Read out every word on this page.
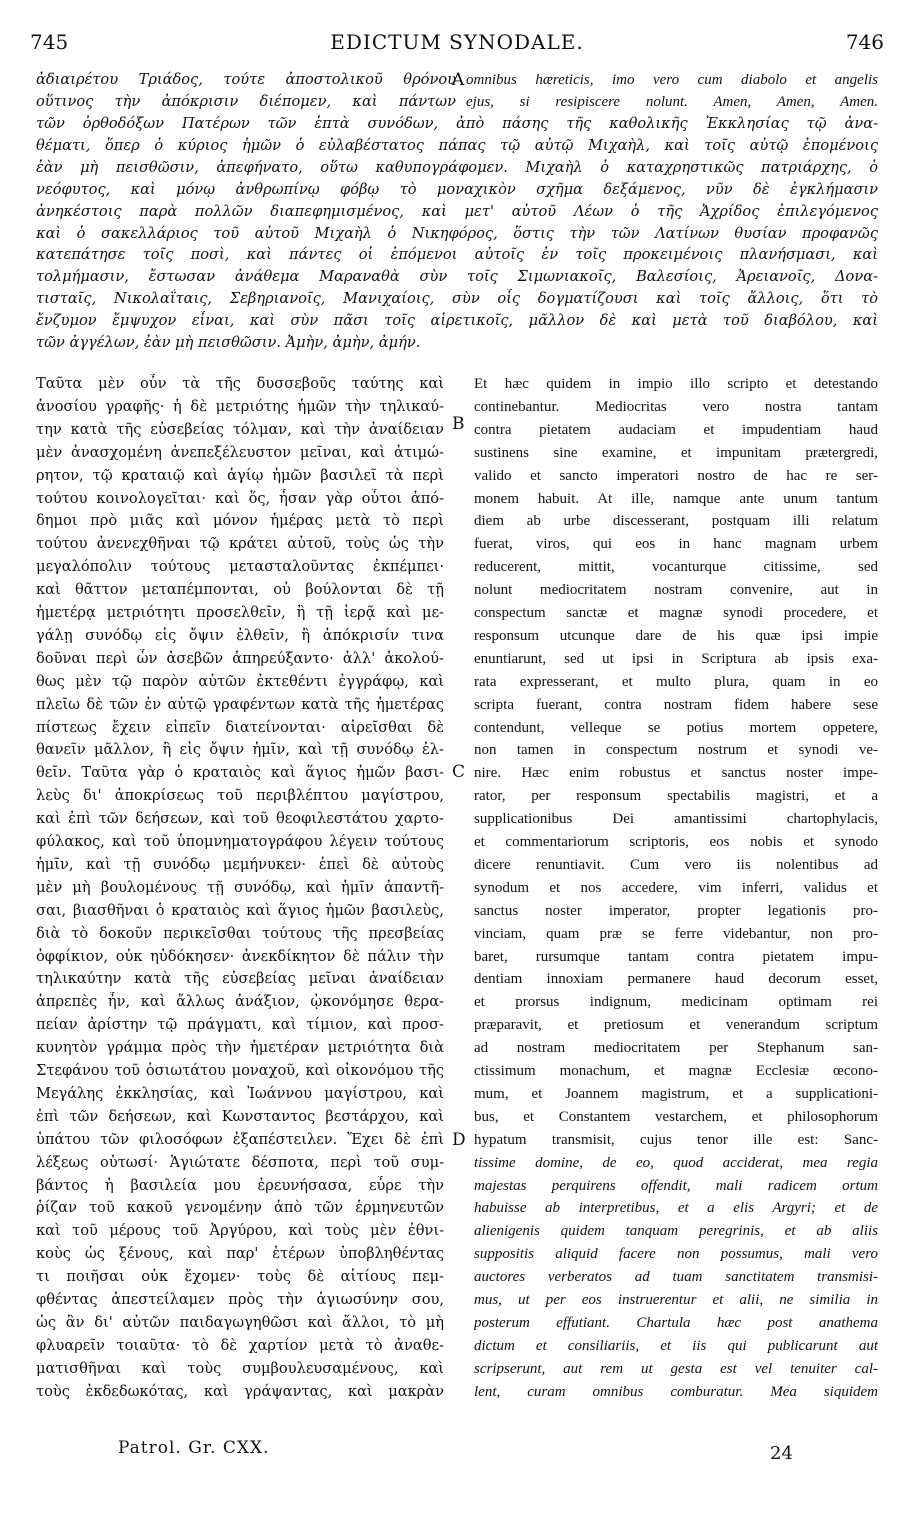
745	EDICTUM SYNODALE.	746
ἀδιαιρέτου Τριάδος, τούτε ἀποστολικοῦ θρόνου omnibus hæreticis, imo vero cum diabolo et angelis
οὕτινος τὴν ἀπόκρισιν διέπομεν, καὶ πάντων ejus, si resipiscere nolunt. Amen, Amen, Amen.
τῶν ὀρθοδόξων Πατέρων τῶν ἑπτὰ συνόδων, ἀπὸ πάσης τῆς καθολικῆς Ἐκκλησίας τῷ ἀνα-
θέματι, ὅπερ ὁ κύριος ἡμῶν ὁ εὐλαβέστατος πάπας τῷ αὐτῷ Μιχαὴλ, καὶ τοῖς αὐτῷ ἑπομένοις
ἐὰν μὴ πεισθῶσιν, ἀπεφήνατο, οὕτω καθυπογράφομεν. Μιχαὴλ ὁ καταχρηστικῶς πατριάρχης, ὁ
νεόφυτος, καὶ μόνῳ ἀνθρωπίνῳ φόβῳ τὸ μοναχικὸν σχῆμα δεξάμενος, νῦν δὲ ἐγκλήμασιν
ἀνηκέστοις παρὰ πολλῶν διαπεφημισμένος, καὶ μετ' αὐτοῦ Λέων ὁ τῆς Ἀχρίδος ἐπιλεγόμενος
καὶ ὁ σακελλάριος τοῦ αὐτοῦ Μιχαὴλ ὁ Νικηφόρος, ὅστις τὴν τῶν Λατίνων θυσίαν προφανῶς
κατεπάτησε τοῖς ποσὶ, καὶ πάντες οἱ ἑπόμενοι αὐτοῖς ἐν τοῖς προκειμένοις πλανήσμασι, καὶ
τολμήμασιν, ἔστωσαν ἀνάθεμα Μαραναθὰ σὺν τοῖς Σιμωνιακοῖς, Βαλεσίοις, Ἀρειανοῖς, Δονα-
τισταῖς, Νικολαΐταις, Σεβηριανοῖς, Μανιχαίοις, σὺν οἷς δογματίζουσι καὶ τοῖς ἄλλοις, ὅτι τὸ
ἔνζυμον ἔμψυχον εἶναι, καὶ σὺν πᾶσι τοῖς αἱρετικοῖς, μᾶλλον δὲ καὶ μετὰ τοῦ διαβόλου, καὶ
τῶν ἀγγέλων, ἐὰν μὴ πεισθῶσιν. Ἀμὴν, ἀμὴν, ἀμήν.
Ταῦτα μὲν οὖν τὰ τῆς δυσσεβοῦς ταύτης καὶ
ἀνοσίου γραφῆς· ἡ δὲ μετριότης ἡμῶν τὴν τηλικαύ-
την κατὰ τῆς εὐσεβείας τόλμαν, καὶ τὴν ἀναίδειαν
μὲν ἀνασχομένη ἀνεπεξέλευστον μεῖναι, καὶ ἀτιμώ-
ρητον, τῷ κραταιῷ καὶ ἁγίῳ ἡμῶν βασιλεῖ τὰ περὶ
τούτου κοινολογεῖται· καὶ ὅς, ἦσαν γὰρ οὗτοι ἀπό-
δημοι πρὸ μιᾶς καὶ μόνον ἡμέρας μετὰ τὸ περὶ
τούτου ἀνενεχθῆναι τῷ κράτει αὐτοῦ, τοὺς ὡς τὴν
μεγαλόπολιν τούτους μετασταλοῦντας ἐκπέμπει·
καὶ θᾶττον μεταπέμπονται, οὐ βούλονται δὲ τῇ
ἡμετέρᾳ μετριότητι προσελθεῖν, ἢ τῇ ἱερᾷ καὶ με-
γάλῃ συνόδῳ εἰς ὄψιν ἐλθεῖν, ἢ ἀπόκρισίν τινα
δοῦναι περὶ ὧν ἀσεβῶν ἀπηρεύξαντο· ἀλλ' ἀκολού-
θως μὲν τῷ παρὸν αὐτῶν ἐκτεθέντι ἐγγράφῳ, καὶ
πλεῖω δὲ τῶν ἐν αὐτῷ γραφέντων κατὰ τῆς ἡμετέρας
πίστεως ἔχειν εἰπεῖν διατείνονται· αἱρεῖσθαι δὲ
θανεῖν μᾶλλον, ἢ εἰς ὄψιν ἡμῖν, καὶ τῇ συνόδῳ ἐλ-
θεῖν. Ταῦτα γὰρ ὁ κραταιὸς καὶ ἅγιος ἡμῶν βασι-
λεὺς δι' ἀποκρίσεως τοῦ περιβλέπτου μαγίστρου,
καὶ ἐπὶ τῶν δεήσεων, καὶ τοῦ θεοφιλεστάτου χαρτο-
φύλακος, καὶ τοῦ ὑπομνηματογράφου λέγειν τούτους
ἡμῖν, καὶ τῇ συνόδῳ μεμήνυκεν· ἐπεὶ δὲ αὐτοὺς
μὲν μὴ βουλομένους τῇ συνόδῳ, καὶ ἡμῖν ἀπαντῆ-
σαι, βιασθῆναι ὁ κραταιὸς καὶ ἅγιος ἡμῶν βασιλεὺς,
διὰ τὸ δοκοῦν περικεῖσθαι τούτους τῆς πρεσβείας
ὀφφίκιον, οὐκ ηὐδόκησεν· ἀνεκδίκητον δὲ πάλιν τὴν
τηλικαύτην κατὰ τῆς εὐσεβείας μεῖναι ἀναίδειαν
ἀπρεπὲς ἦν, καὶ ἄλλως ἀνάξιον, ᾠκονόμησε θερα-
πείαν ἀρίστην τῷ πράγματι, καὶ τίμιον, καὶ προσ-
κυνητὸν γράμμα πρὸς τὴν ἡμετέραν μετριότητα διὰ
Στεφάνου τοῦ ὁσιωτάτου μοναχοῦ, καὶ οἰκονόμου τῆς
Μεγάλης ἐκκλησίας, καὶ Ἰωάννου μαγίστρου, καὶ
ἐπὶ τῶν δεήσεων, καὶ Κωνσταντος βεστάρχου, καὶ
ὑπάτου τῶν φιλοσόφων ἐξαπέστειλεν. Ἔχει δὲ ἐπὶ
λέξεως οὑτωσί· Ἁγιώτατε δέσποτα, περὶ τοῦ συμ-
βάντος ἡ βασιλεία μου ἐρευνήσασα, εὗρε τὴν
ῥίζαν τοῦ κακοῦ γενομένην ἀπὸ τῶν ἑρμηνευτῶν
καὶ τοῦ μέρους τοῦ Ἀργύρου, καὶ τοὺς μὲν ἐθνι-
κοὺς ὡς ξένους, καὶ παρ' ἑτέρων ὑποβληθέντας
τι ποιῆσαι οὐκ ἔχομεν· τοὺς δὲ αἰτίους πεμ-
φθέντας ἀπεστείλαμεν πρὸς τὴν ἁγιωσύνην σου,
ὡς ἂν δι' αὐτῶν παιδαγωγηθῶσι καὶ ἄλλοι, τὸ μὴ
φλυαρεῖν τοιαῦτα· τὸ δὲ χαρτίον μετὰ τὸ ἀναθε-
ματισθῆναι καὶ τοὺς συμβουλευσαμένους, καὶ
τοὺς ἐκδεδωκότας, καὶ γράψαντας, καὶ μακρὰν
Et hæc quidem in impio illo scripto et detestando
continebantur. Mediocritas vero nostra tantam
contra pietatem audaciam et impudentiam haud
sustinens sine examine, et impunitam prætergredi,
valido et sancto imperatori nostro de hac re ser-
monem habuit. At ille, namque ante unum tantum
diem ab urbe discesserant, postquam illi relatum
fuerat, viros, qui eos in hanc magnam urbem
reducerent, mittit, vocanturque citissime, sed
nolunt mediocritatem nostram convenire, aut in
conspectum sanctæ et magnæ synodi procedere, et
responsum utcunque dare de his quæ ipsi impie
enuntiarunt, sed ut ipsi in Scriptura ab ipsis exa-
rata expresserant, et multo plura, quam in eo
scripta fuerant, contra nostram fidem habere sese
contendunt, velleque se potius mortem oppetere,
non tamen in conspectum nostrum et synodi ve-
nire. Hæc enim robustus et sanctus noster impe-
rator, per responsum spectabilis magistri, et a
supplicationibus Dei amantissimi chartophylacis,
et commentariorum scriptoris, eos nobis et synodo
dicere renuntiavit. Cum vero iis nolentibus ad
synodum et nos accedere, vim inferri, validus et
sanctus noster imperator, propter legationis pro-
vinciam, quam præ se ferre videbantur, non pro-
baret, rursumque tantam contra pietatem impu-
dentiam innoxiam permanere haud decorum esset,
et prorsus indignum, medicinam optimam rei
præparavit, et pretiosum et venerandum scriptum
ad nostram mediocritatem per Stephanum san-
ctissimum monachum, et magnæ Ecclesiæ œcono-
mum, et Joannem magistrum, et a supplicationi-
bus, et Constantem vestarchem, et philosophorum
hypatum transmisit, cujus tenor ille est: Sanc-
tissime domine, de eo, quod acciderat, mea regia
majestas perquirens offendit, mali radicem ortum
habuisse ab interpretibus, et a elis Argyri; et de
alienigenis quidem tanquam peregrinis, et ab aliis
suppositis aliquid facere non possumus, mali vero
auctores verberatos ad tuam sanctitatem transmisi-
mus, ut per eos instruerentur et alii, ne similia in
posterum effutiant. Chartula hæc post anathema
dictum et consiliariis, et iis qui publicarunt aut
scripserunt, aut rem ut gesta est vel tenuiter cal-
lent, curam omnibus comburatur. Mea siquidem
A
B
C
D
Patrol. Gr. CXX.	24
